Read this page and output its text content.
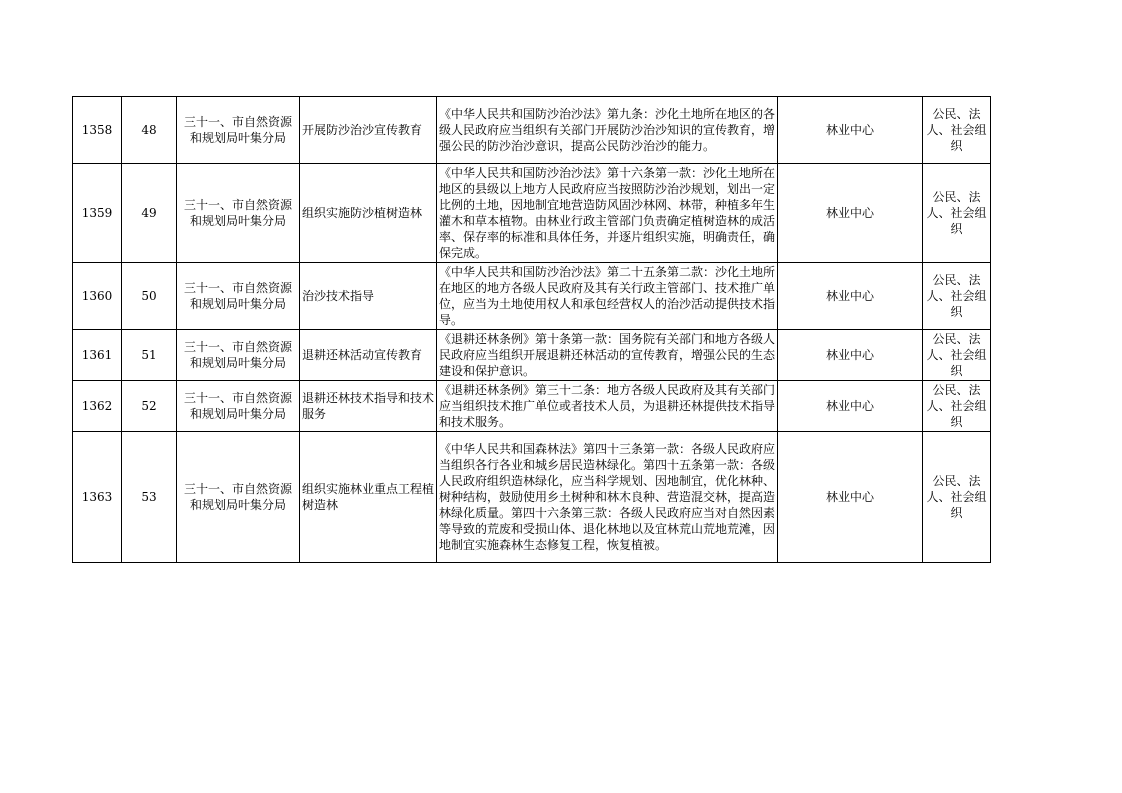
1358	48	三十一、市自然资源和规划局叶集分局	开展防沙治沙宣传教育	《中华人民共和国防沙治沙法》第九条：沙化土地所在地区的各级人民政府应当组织有关部门开展防沙治沙知识的宣传教育，增强公民的防沙治沙意识，提高公民防沙治沙的能力。	林业中心	公民、法人、社会组织
1359	49	三十一、市自然资源和规划局叶集分局	组织实施防沙植树造林	《中华人民共和国防沙治沙法》第十六条第一款：沙化土地所在地区的县级以上地方人民政府应当按照防沙治沙规划，划出一定比例的土地，因地制宜地营造防风固沙林网、林带，种植多年生灌木和草本植物。由林业行政主管部门负责确定植树造林的成活率、保存率的标准和具体任务，并逐片组织实施，明确责任，确保完成。	林业中心	公民、法人、社会组织
1360	50	三十一、市自然资源和规划局叶集分局	治沙技术指导	《中华人民共和国防沙治沙法》第二十五条第二款：沙化土地所在地区的地方各级人民政府及其有关行政主管部门、技术推广单位，应当为土地使用权人和承包经营权人的治沙活动提供技术指导。	林业中心	公民、法人、社会组织
1361	51	三十一、市自然资源和规划局叶集分局	退耕还林活动宣传教育	《退耕还林条例》第十条第一款：国务院有关部门和地方各级人民政府应当组织开展退耕还林活动的宣传教育，增强公民的生态建设和保护意识。	林业中心	公民、法人、社会组织
1362	52	三十一、市自然资源和规划局叶集分局	退耕还林技术指导和技术服务	《退耕还林条例》第三十二条：地方各级人民政府及其有关部门应当组织技术推广单位或者技术人员，为退耕还林提供技术指导和技术服务。	林业中心	公民、法人、社会组织
1363	53	三十一、市自然资源和规划局叶集分局	组织实施林业重点工程植树造林	《中华人民共和国森林法》第四十三条第一款：各级人民政府应当组织各行各业和城乡居民造林绿化。第四十五条第一款：各级人民政府组织造林绿化，应当科学规划、因地制宜，优化林种、树种结构，鼓励使用乡土树种和林木良种、营造混交林，提高造林绿化质量。第四十六条第三款：各级人民政府应当对自然因素等导致的荒废和受损山体、退化林地以及宜林荒山荒地荒滩，因地制宜实施森林生态修复工程，恢复植被。	林业中心	公民、法人、社会组织
